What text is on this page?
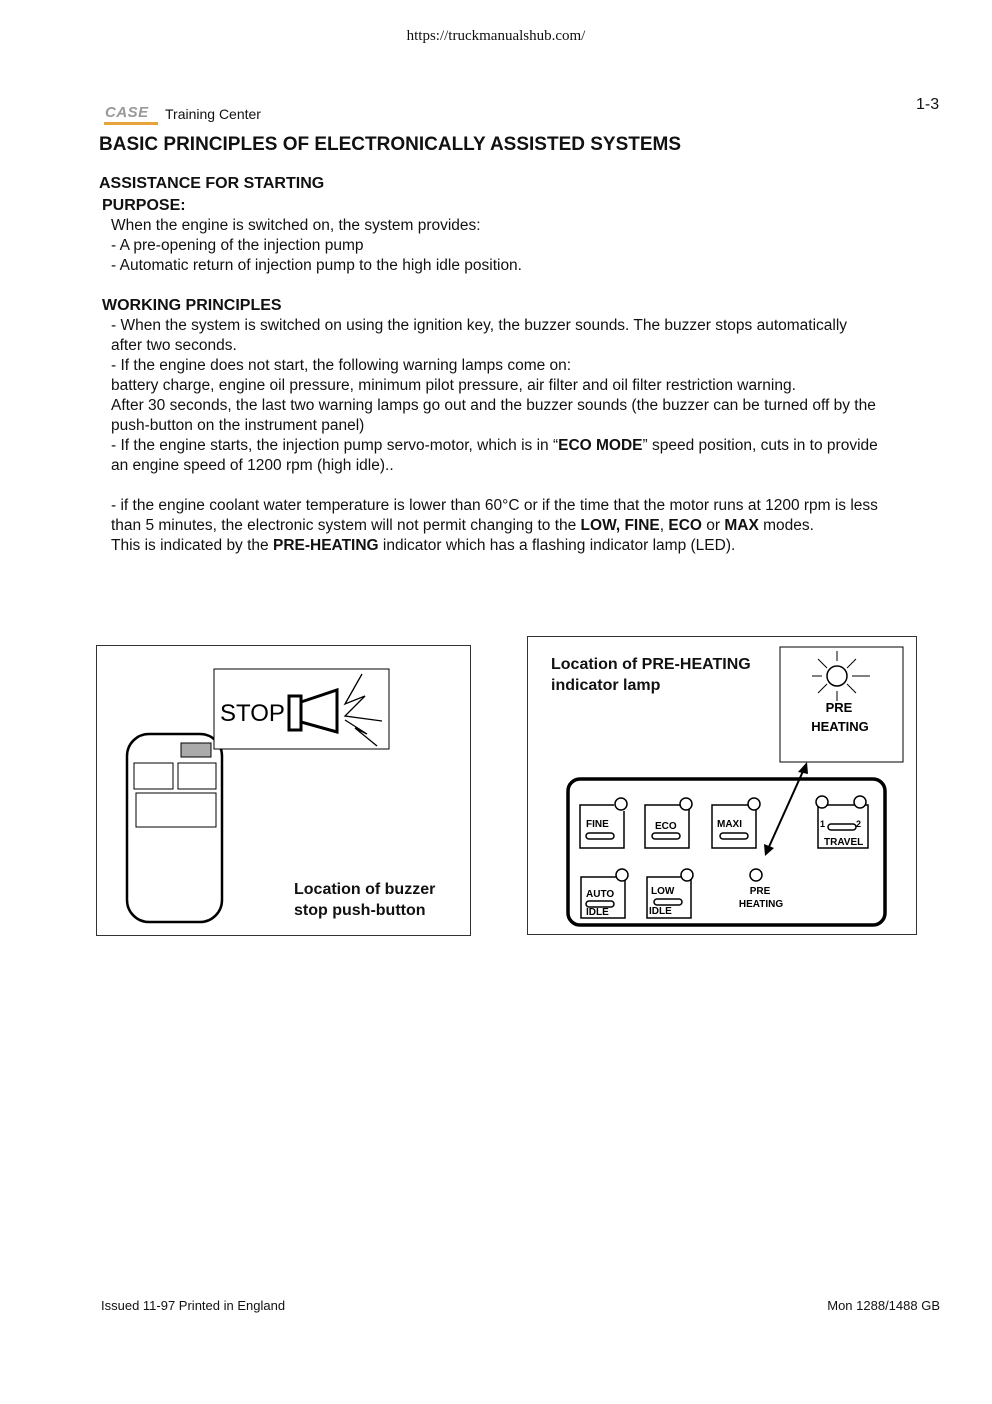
https://truckmanualshub.com/
1-3
CASE Training Center
BASIC PRINCIPLES OF ELECTRONICALLY ASSISTED SYSTEMS
ASSISTANCE FOR STARTING
PURPOSE:
When the engine is switched on, the system provides:
- A pre-opening of the injection pump
- Automatic return of injection pump to the high idle position.
WORKING PRINCIPLES
- When the system is switched on using the ignition key, the buzzer sounds. The buzzer stops automatically
after two seconds.
- If the engine does not start, the following warning lamps come on:
battery charge, engine oil pressure, minimum pilot pressure, air filter and oil filter restriction warning.
After 30 seconds, the last two warning lamps go out and the buzzer sounds (the buzzer can be turned off by the
push-button on the instrument panel)
- If the engine starts, the injection pump servo-motor, which is in “ECO MODE” speed position, cuts in to provide
an engine speed of 1200 rpm (high idle)..
- if the engine coolant water temperature is lower than 60°C or if the time that the motor runs at 1200 rpm is less
than 5 minutes, the electronic system will not permit changing to the LOW, FINE, ECO or MAX modes.
This is indicated by the PRE-HEATING indicator which has a flashing indicator lamp (LED).
STOP
Location of buzzer
stop push-button
Location of PRE-HEATING
indicator lamp
PRE
HEATING
FINE	ECO	MAXI	1	2
TRAVEL
AUTO
IDLE
LOW
IDLE
PRE
HEATING
Issued 11-97 Printed in England	Mon 1288/1488 GB
